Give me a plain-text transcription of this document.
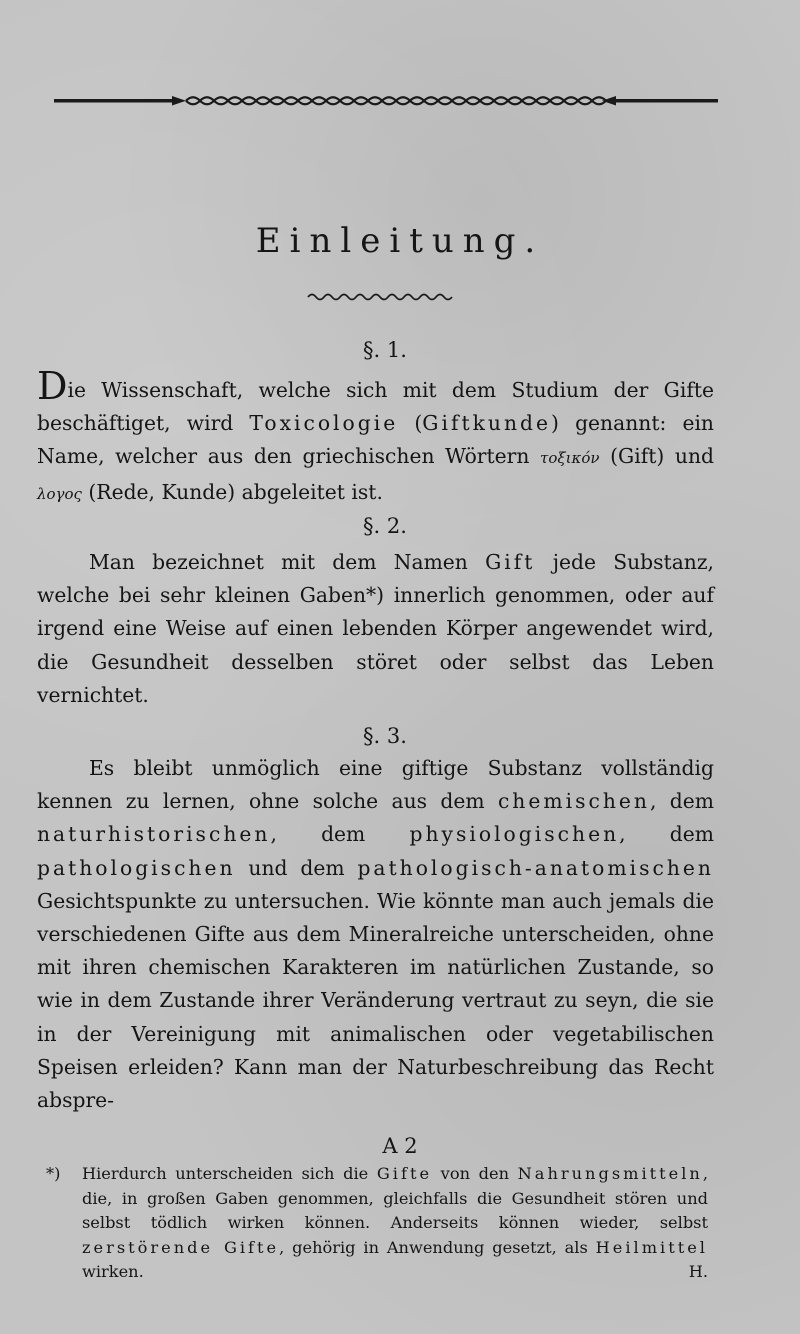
Einleitung.
§. 1.

Die Wissenschaft, welche sich mit dem Studium der Gifte beschäftiget, wird Toxicologie (Giftkunde) genannt: ein Name, welcher aus den griechischen Wörtern τοξικόν (Gift) und λογος (Rede, Kunde) abgeleitet ist.

§. 2.

Man bezeichnet mit dem Namen Gift jede Substanz, welche bei sehr kleinen Gaben*) innerlich genommen, oder auf irgend eine Weise auf einen lebenden Körper angewendet wird, die Gesundheit desselben störet oder selbst das Leben vernichtet.

§. 3.

Es bleibt unmöglich eine giftige Substanz vollständig kennen zu lernen, ohne solche aus dem chemischen, dem naturhistorischen, dem physiologischen, dem pathologischen und dem pathologisch-anatomischen Gesichtspunkte zu untersuchen. Wie könnte man auch jemals die verschiedenen Gifte aus dem Mineralreiche unterscheiden, ohne mit ihren chemischen Karakteren im natürlichen Zustande, so wie in dem Zustande ihrer Veränderung vertraut zu seyn, die sie in der Vereinigung mit animalischen oder vegetabilischen Speisen erleiden? Kann man der Naturbeschreibung das Recht abspre-

A 2
*)	Hierdurch unterscheiden sich die Gifte von den Nahrungsmitteln, die, in großen Gaben genommen, gleichfalls die Gesundheit stören und selbst tödlich wirken können. Anderseits können wieder, selbst zerstörende Gifte, gehörig in Anwendung gesetzt, als Heilmittel wirken.	H.
